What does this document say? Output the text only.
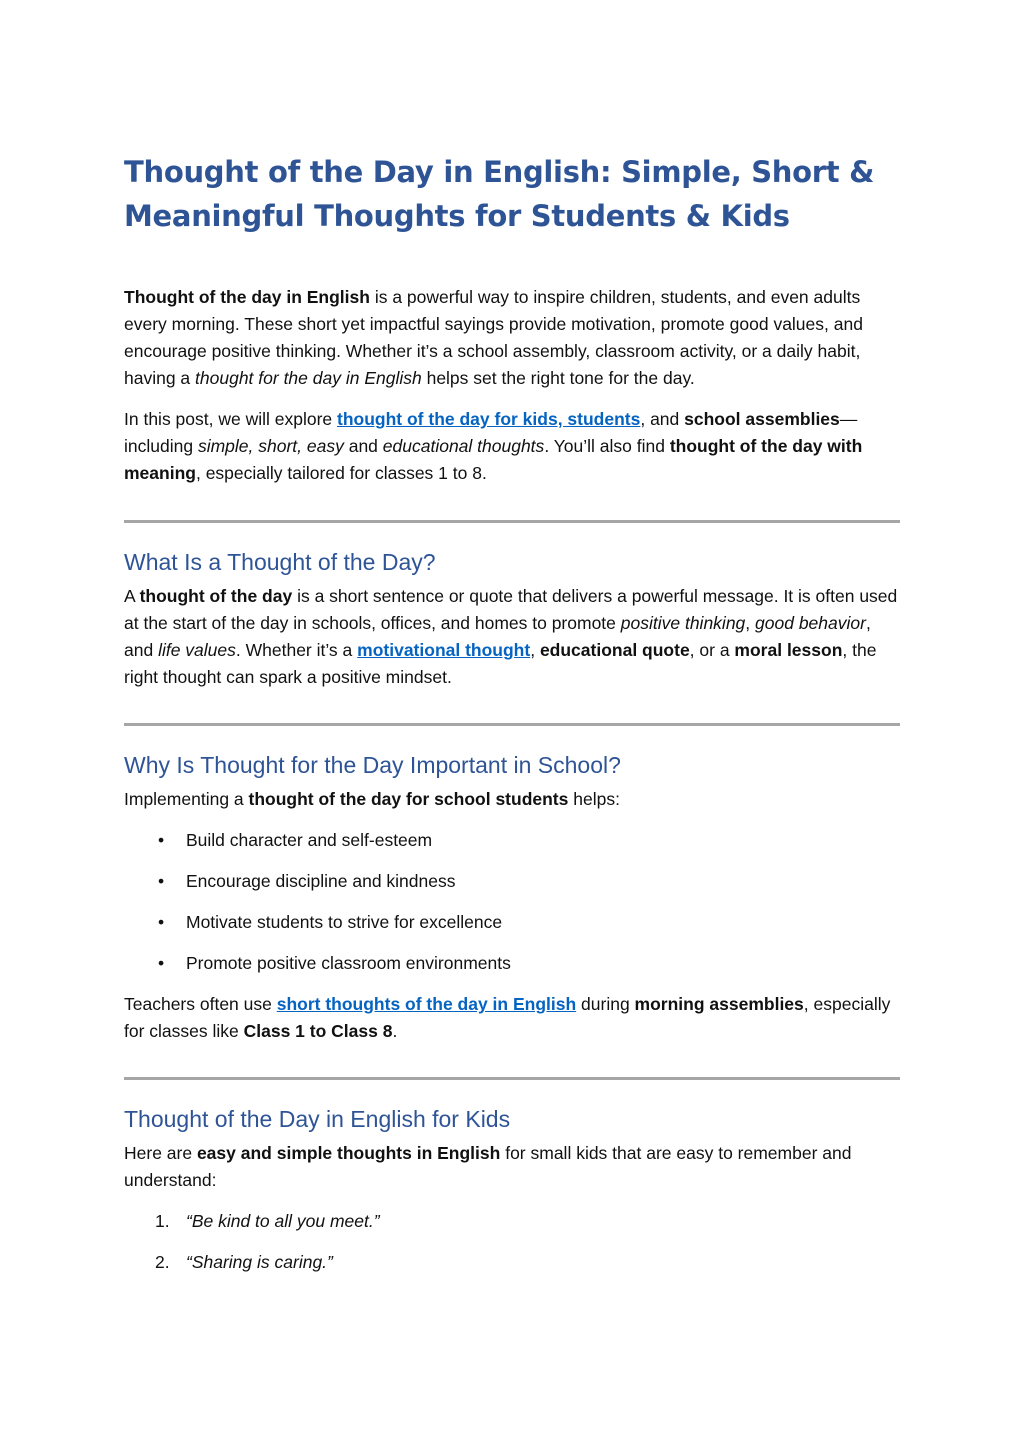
Thought of the Day in English: Simple, Short & Meaningful Thoughts for Students & Kids

Thought of the day in English is a powerful way to inspire children, students, and even adults every morning. These short yet impactful sayings provide motivation, promote good values, and encourage positive thinking. Whether it’s a school assembly, classroom activity, or a daily habit, having a thought for the day in English helps set the right tone for the day.

In this post, we will explore thought of the day for kids, students, and school assemblies— including simple, short, easy and educational thoughts. You’ll also find thought of the day with meaning, especially tailored for classes 1 to 8.

What Is a Thought of the Day?

A thought of the day is a short sentence or quote that delivers a powerful message. It is often used at the start of the day in schools, offices, and homes to promote positive thinking, good behavior, and life values. Whether it’s a motivational thought, educational quote, or a moral lesson, the right thought can spark a positive mindset.

Why Is Thought for the Day Important in School?

Implementing a thought of the day for school students helps:

• Build character and self-esteem
• Encourage discipline and kindness
• Motivate students to strive for excellence
• Promote positive classroom environments

Teachers often use short thoughts of the day in English during morning assemblies, especially for classes like Class 1 to Class 8.

Thought of the Day in English for Kids

Here are easy and simple thoughts in English for small kids that are easy to remember and understand:

1. “Be kind to all you meet.”
2. “Sharing is caring.”
